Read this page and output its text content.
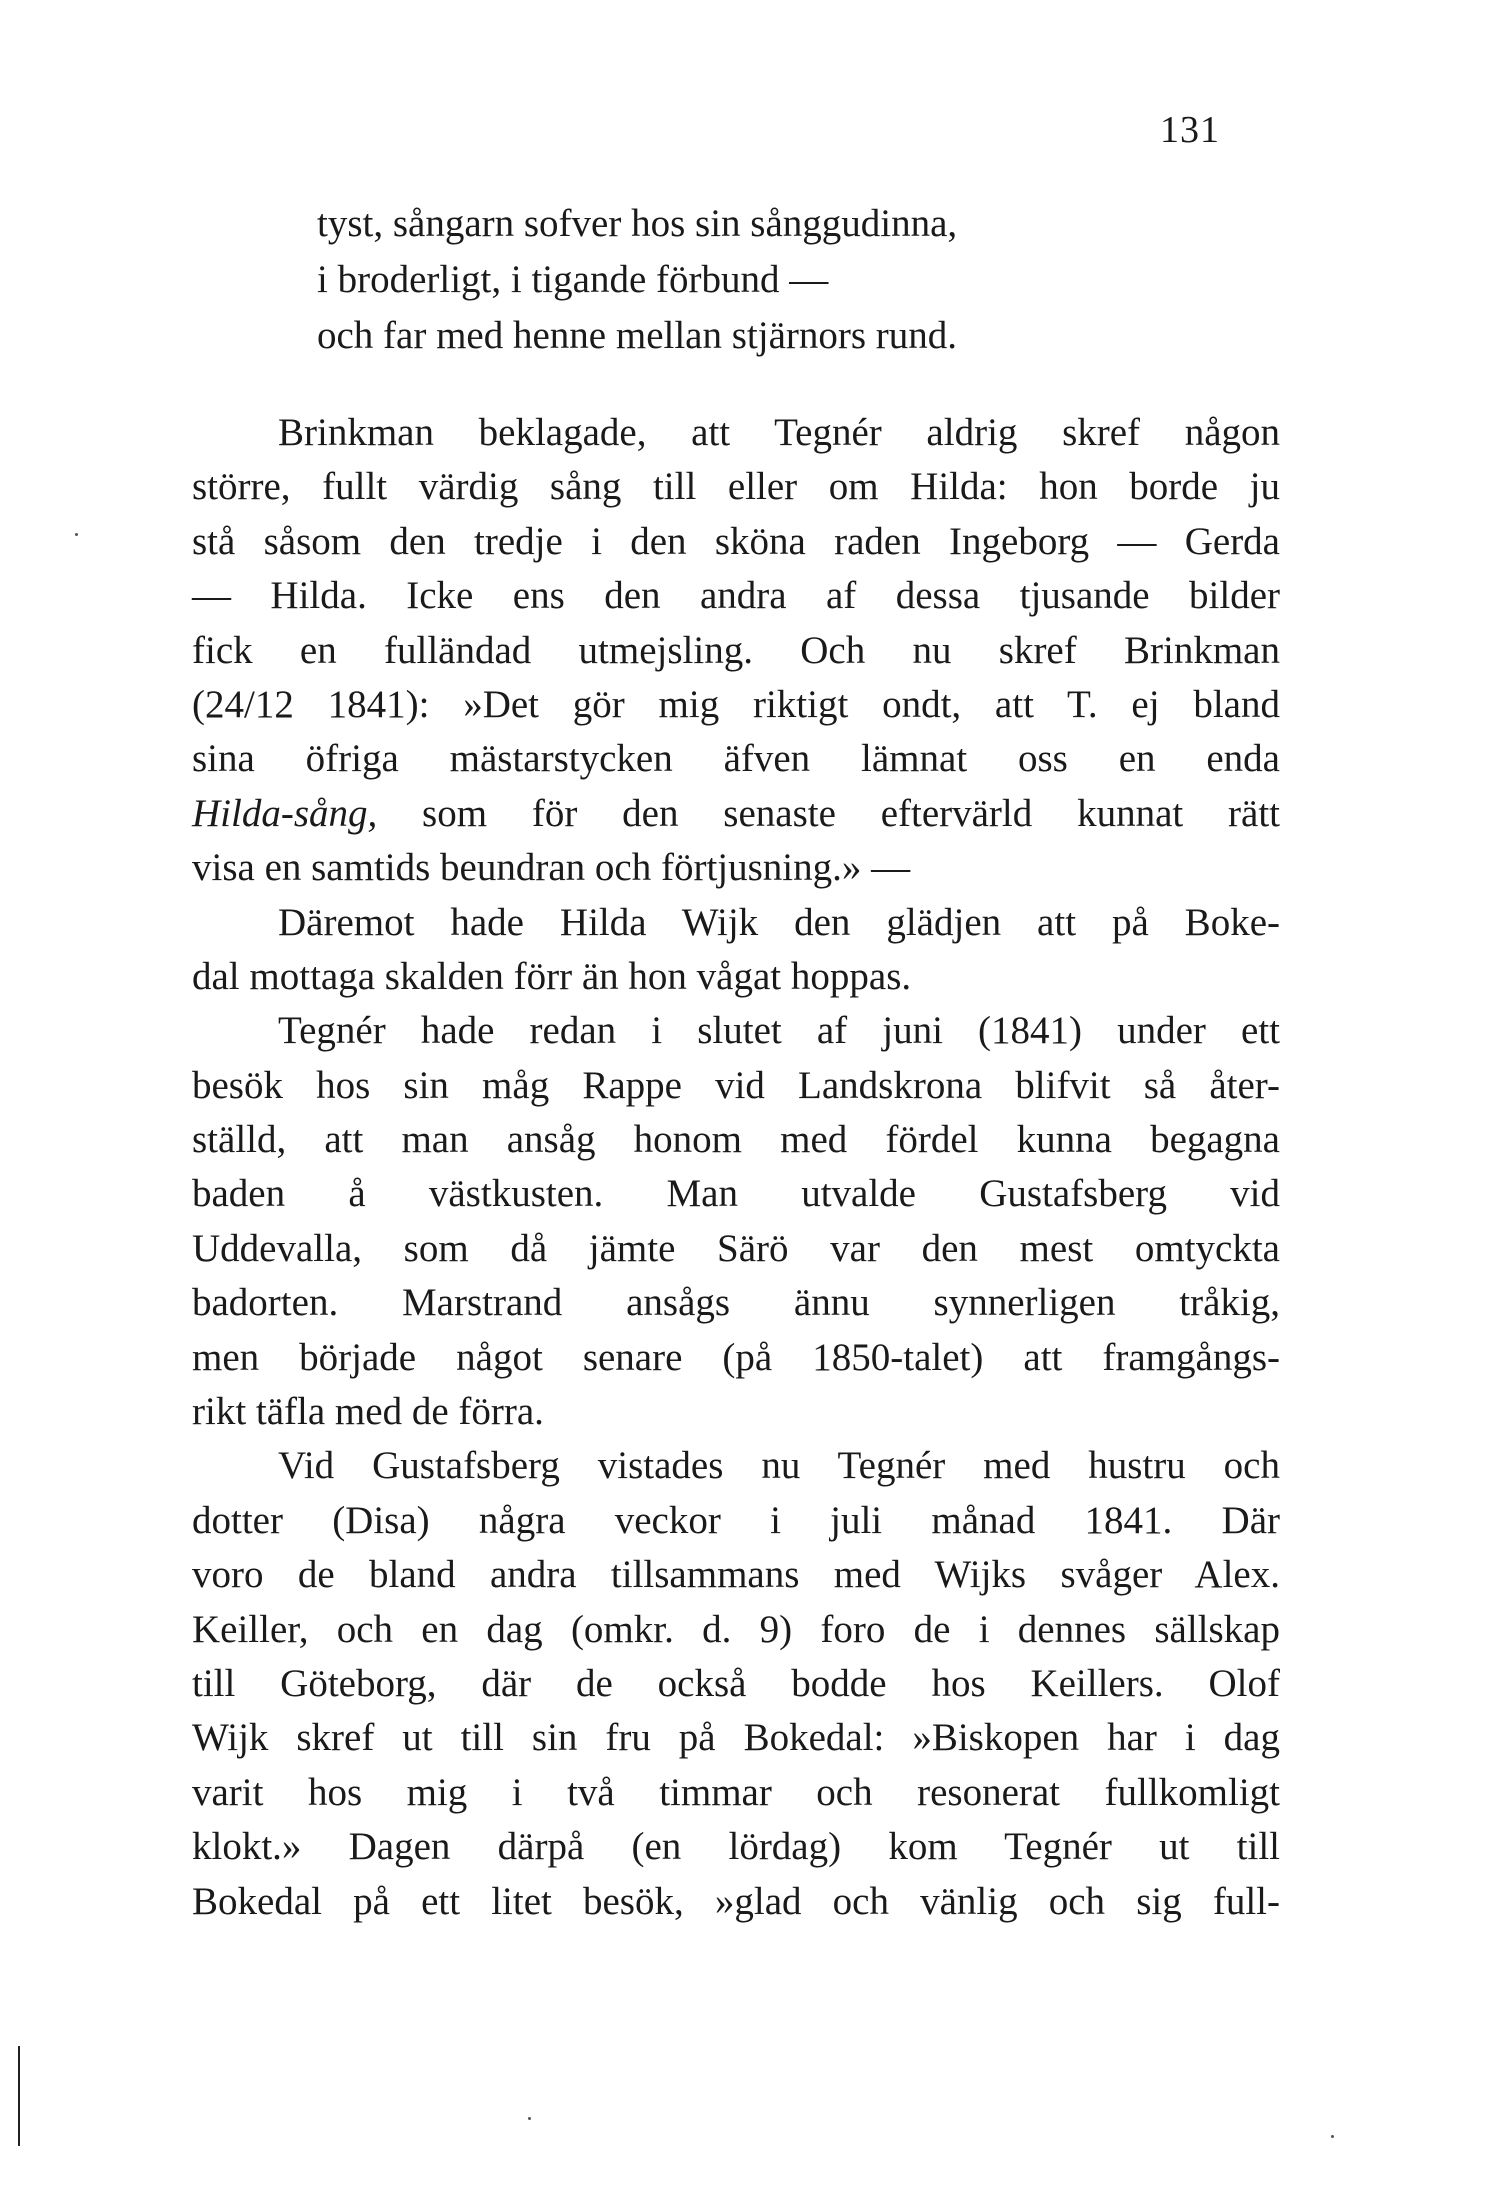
131
tyst, sångarn sofver hos sin sånggudinna,
i broderligt, i tigande förbund —
och far med henne mellan stjärnors rund.
Brinkman beklagade, att Tegnér aldrig skref någon
större, fullt värdig sång till eller om Hilda: hon borde ju
stå såsom den tredje i den sköna raden Ingeborg — Gerda
— Hilda. Icke ens den andra af dessa tjusande bilder
fick en fulländad utmejsling. Och nu skref Brinkman
(24/12 1841): »Det gör mig riktigt ondt, att T. ej bland
sina öfriga mästarstycken äfven lämnat oss en enda
Hilda-sång, som för den senaste eftervärld kunnat rätt
visa en samtids beundran och förtjusning.» —
Däremot hade Hilda Wijk den glädjen att på Boke-
dal mottaga skalden förr än hon vågat hoppas.
Tegnér hade redan i slutet af juni (1841) under ett
besök hos sin måg Rappe vid Landskrona blifvit så åter-
ställd, att man ansåg honom med fördel kunna begagna
baden å västkusten. Man utvalde Gustafsberg vid
Uddevalla, som då jämte Särö var den mest omtyckta
badorten. Marstrand ansågs ännu synnerligen tråkig,
men började något senare (på 1850-talet) att framgångs-
rikt täfla med de förra.
Vid Gustafsberg vistades nu Tegnér med hustru och
dotter (Disa) några veckor i juli månad 1841. Där
voro de bland andra tillsammans med Wijks svåger Alex.
Keiller, och en dag (omkr. d. 9) foro de i dennes sällskap
till Göteborg, där de också bodde hos Keillers. Olof
Wijk skref ut till sin fru på Bokedal: »Biskopen har i dag
varit hos mig i två timmar och resonerat fullkomligt
klokt.» Dagen därpå (en lördag) kom Tegnér ut till
Bokedal på ett litet besök, »glad och vänlig och sig full-
